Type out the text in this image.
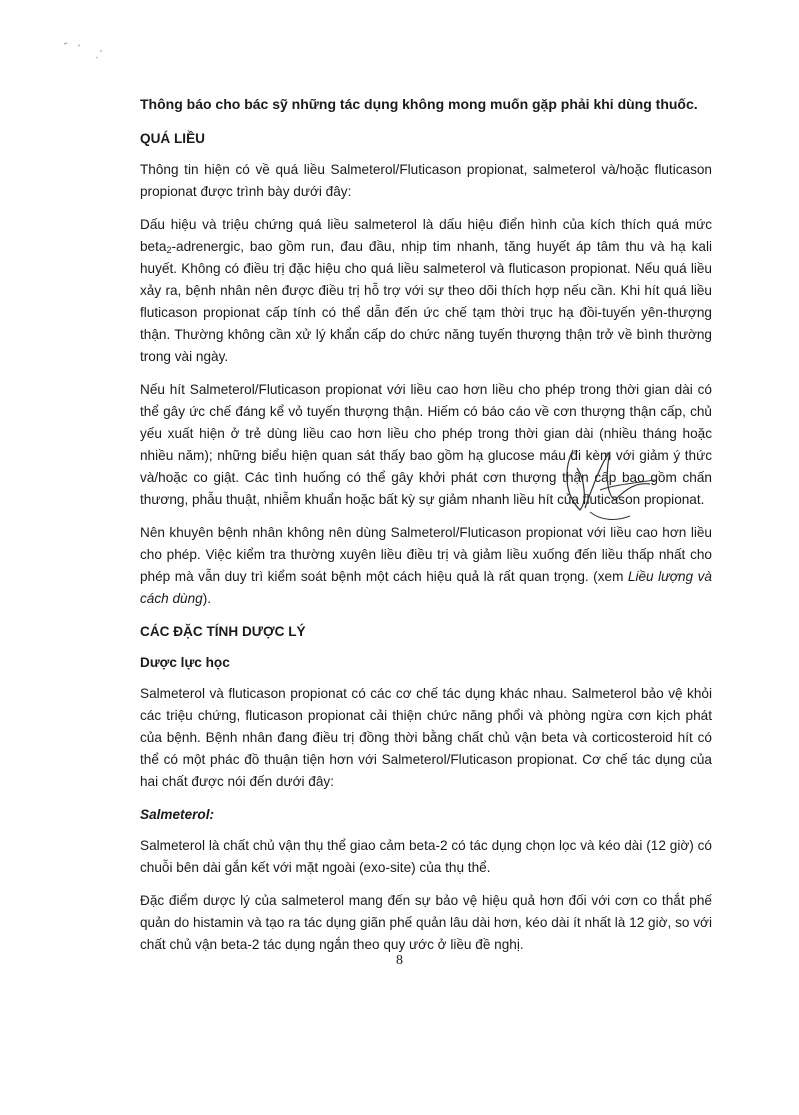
Thông báo cho bác sỹ những tác dụng không mong muốn gặp phải khi dùng thuốc.

QUÁ LIỀU

Thông tin hiện có về quá liều Salmeterol/Fluticason propionat, salmeterol và/hoặc fluticason propionat được trình bày dưới đây:

Dấu hiệu và triệu chứng quá liều salmeterol là dấu hiệu điển hình của kích thích quá mức beta$_2$-adrenergic, bao gồm run, đau đầu, nhịp tim nhanh, tăng huyết áp tâm thu và hạ kali huyết. Không có điều trị đặc hiệu cho quá liều salmeterol và fluticason propionat. Nếu quá liều xảy ra, bệnh nhân nên được điều trị hỗ trợ với sự theo dõi thích hợp nếu cần. Khi hít quá liều fluticason propionat cấp tính có thể dẫn đến ức chế tạm thời trục hạ đồi-tuyến yên-thượng thận. Thường không cần xử lý khẩn cấp do chức năng tuyến thượng thận trở về bình thường trong vài ngày.

Nếu hít Salmeterol/Fluticason propionat với liều cao hơn liều cho phép trong thời gian dài có thể gây ức chế đáng kể vỏ tuyến thượng thận. Hiếm có báo cáo về cơn thượng thận cấp, chủ yếu xuất hiện ở trẻ dùng liều cao hơn liều cho phép trong thời gian dài (nhiều tháng hoặc nhiều năm); những biểu hiện quan sát thấy bao gồm hạ glucose máu đi kèm với giảm ý thức và/hoặc co giật. Các tình huống có thể gây khởi phát cơn thượng thận cấp bao gồm chấn thương, phẫu thuật, nhiễm khuẩn hoặc bất kỳ sự giảm nhanh liều hít của fluticason propionat.

Nên khuyên bệnh nhân không nên dùng Salmeterol/Fluticason propionat với liều cao hơn liều cho phép. Việc kiểm tra thường xuyên liều điều trị và giảm liều xuống đến liều thấp nhất cho phép mà vẫn duy trì kiểm soát bệnh một cách hiệu quả là rất quan trọng. (xem Liều lượng và cách dùng).

CÁC ĐẶC TÍNH DƯỢC LÝ
Dược lực học

Salmeterol và fluticason propionat có các cơ chế tác dụng khác nhau. Salmeterol bảo vệ khỏi các triệu chứng, fluticason propionat cải thiện chức năng phổi và phòng ngừa cơn kịch phát của bệnh. Bệnh nhân đang điều trị đồng thời bằng chất chủ vận beta và corticosteroid hít có thể có một phác đồ thuận tiện hơn với Salmeterol/Fluticason propionat. Cơ chế tác dụng của hai chất được nói đến dưới đây:

Salmeterol:

Salmeterol là chất chủ vận thụ thể giao cảm beta-2 có tác dụng chọn lọc và kéo dài (12 giờ) có chuỗi bên dài gắn kết với mặt ngoài (exo-site) của thụ thể.

Đặc điểm dược lý của salmeterol mang đến sự bảo vệ hiệu quả hơn đối với cơn co thắt phế quản do histamin và tạo ra tác dụng giãn phế quản lâu dài hơn, kéo dài ít nhất là 12 giờ, so với chất chủ vận beta-2 tác dụng ngắn theo quy ước ở liều đề nghị.

8
